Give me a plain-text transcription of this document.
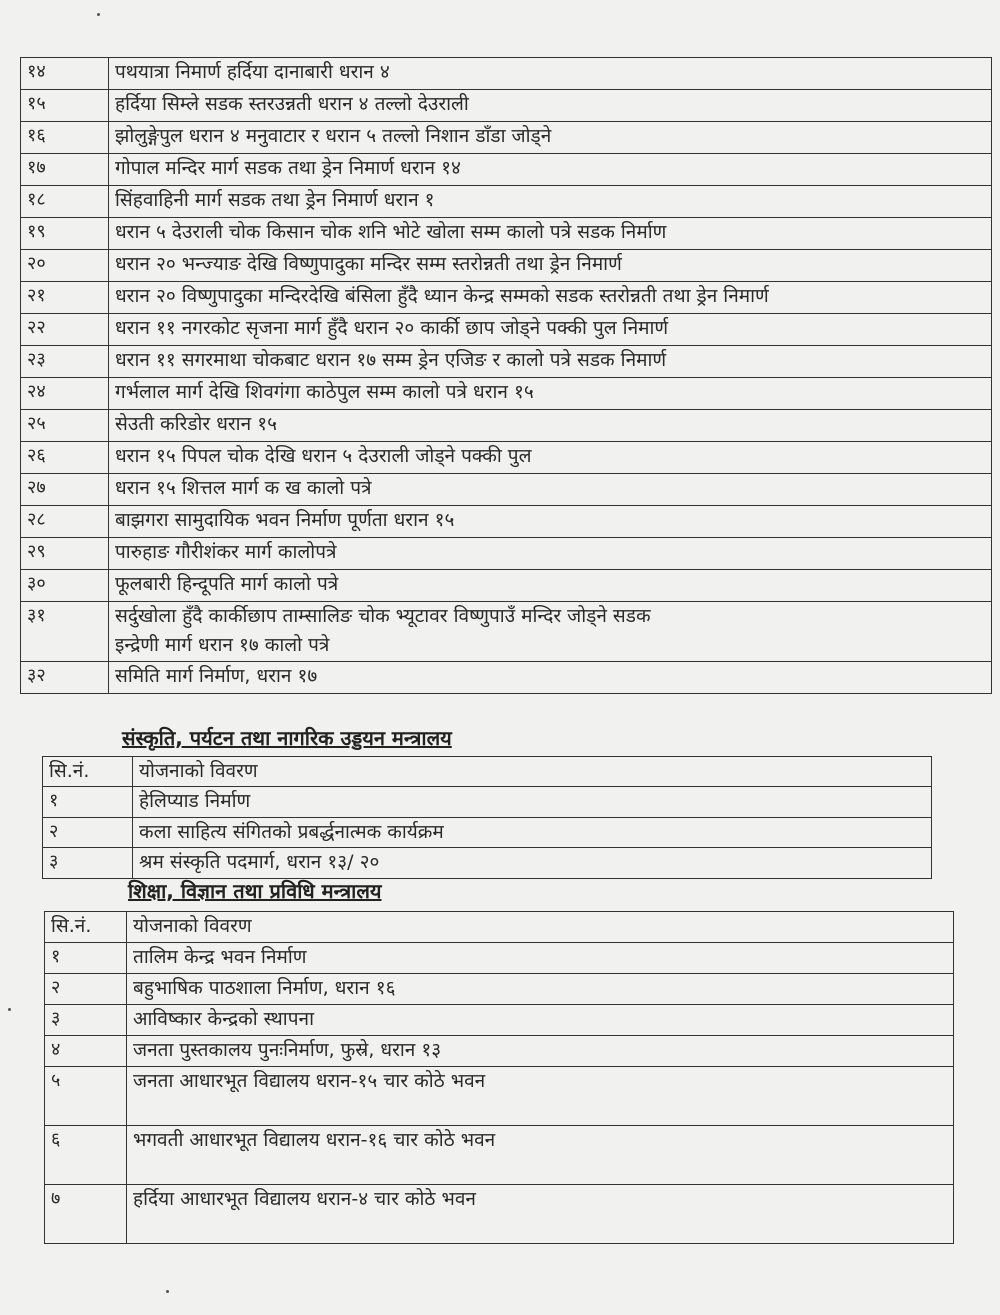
१४	पथयात्रा निमार्ण हर्दिया दानाबारी धरान ४

१५	हर्दिया सिम्ले सडक स्तरउन्नती धरान ४ तल्लो देउराली

१६	झोलुङ्गेपुल धरान ४ मनुवाटार र धरान ५ तल्लो निशान डाँडा जोड्ने

१७	गोपाल मन्दिर मार्ग सडक तथा ड्रेन निमार्ण धरान १४

१८	सिंहवाहिनी मार्ग सडक तथा ड्रेन निमार्ण धरान १

१९	धरान ५ देउराली चोक किसान चोक शनि भोटे खोला सम्म कालो पत्रे सडक निर्माण

२०	धरान २० भन्ज्याङ देखि विष्णुपादुका मन्दिर सम्म स्तरोन्नती तथा ड्रेन निमार्ण

२१	धरान २० विष्णुपादुका मन्दिरदेखि बंसिला हुँदै ध्यान केन्द्र सम्मको सडक स्तरोन्नती तथा ड्रेन निमार्ण

२२	धरान ११ नगरकोट सृजना मार्ग हुँदै धरान २० कार्की छाप जोड्ने पक्की पुल निमार्ण

२३	धरान ११ सगरमाथा चोकबाट धरान १७ सम्म ड्रेन एजिङ र कालो पत्रे सडक निमार्ण

२४	गर्भलाल मार्ग देखि शिवगंगा काठेपुल सम्म कालो पत्रे धरान १५

२५	सेउती करिडोर धरान १५

२६	धरान १५ पिपल चोक देखि धरान ५ देउराली जोड्ने पक्की पुल

२७	धरान १५ शित्तल मार्ग क ख कालो पत्रे

२८	बाझगरा सामुदायिक भवन निर्माण पूर्णता धरान १५

२९	पारुहाङ गौरीशंकर मार्ग कालोपत्रे

३०	फूलबारी हिन्दूपति मार्ग कालो पत्रे

३१	सर्दुखोला हुँदै कार्कीछाप ताम्सालिङ चोक भ्यूटावर विष्णुपाउँ मन्दिर जोड्ने सडक
इन्द्रेणी मार्ग धरान १७ कालो पत्रे

३२	समिति मार्ग निर्माण, धरान १७
संस्कृति, पर्यटन तथा नागरिक उड्डयन मन्त्रालय
सि.नं.	योजनाको विवरण
१	हेलिप्याड निर्माण

२	कला साहित्य संगितको प्रबर्द्धनात्मक कार्यक्रम

३	श्रम संस्कृति पदमार्ग, धरान १३/ २०
शिक्षा, विज्ञान तथा प्रविधि मन्त्रालय
सि.नं.	योजनाको विवरण
१	तालिम केन्द्र भवन निर्माण

२	बहुभाषिक पाठशाला निर्माण, धरान १६

३	आविष्कार केन्द्रको स्थापना

४	जनता पुस्तकालय पुनःनिर्माण, फुस्रे, धरान १३

५	जनता आधारभूत विद्यालय धरान-१५ चार कोठे भवन

६	भगवती आधारभूत विद्यालय धरान-१६ चार कोठे भवन

७	हर्दिया आधारभूत विद्यालय धरान-४ चार कोठे भवन
